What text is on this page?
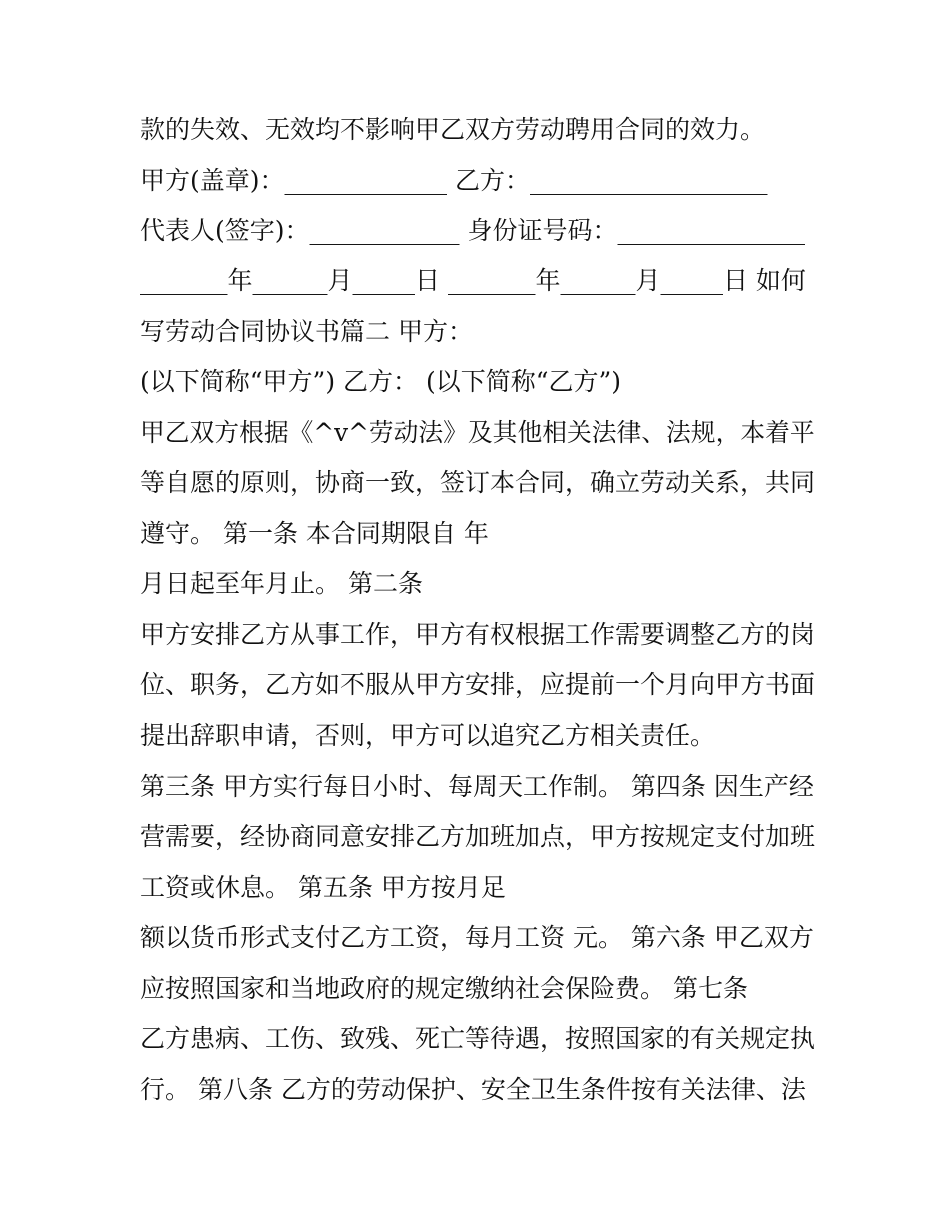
款的失效、无效均不影响甲乙双方劳动聘用合同的效力。
甲方(盖章)：_____________ 乙方：___________________
代表人(签字)：____________ 身份证号码：_______________
_______年______月_____日 _______年______月_____日 如何
写劳动合同协议书篇二 甲方：
(以下简称“甲方”) 乙方： (以下简称“乙方”)
甲乙双方根据《^v^劳动法》及其他相关法律、法规，本着平
等自愿的原则，协商一致，签订本合同，确立劳动关系，共同
遵守。 第一条 本合同期限自 年
月日起至年月止。 第二条
甲方安排乙方从事工作，甲方有权根据工作需要调整乙方的岗
位、职务，乙方如不服从甲方安排，应提前一个月向甲方书面
提出辞职申请，否则，甲方可以追究乙方相关责任。
第三条 甲方实行每日小时、每周天工作制。 第四条 因生产经
营需要，经协商同意安排乙方加班加点，甲方按规定支付加班
工资或休息。 第五条 甲方按月足
额以货币形式支付乙方工资，每月工资 元。 第六条 甲乙双方
应按照国家和当地政府的规定缴纳社会保险费。 第七条
乙方患病、工伤、致残、死亡等待遇，按照国家的有关规定执
行。 第八条 乙方的劳动保护、安全卫生条件按有关法律、法
